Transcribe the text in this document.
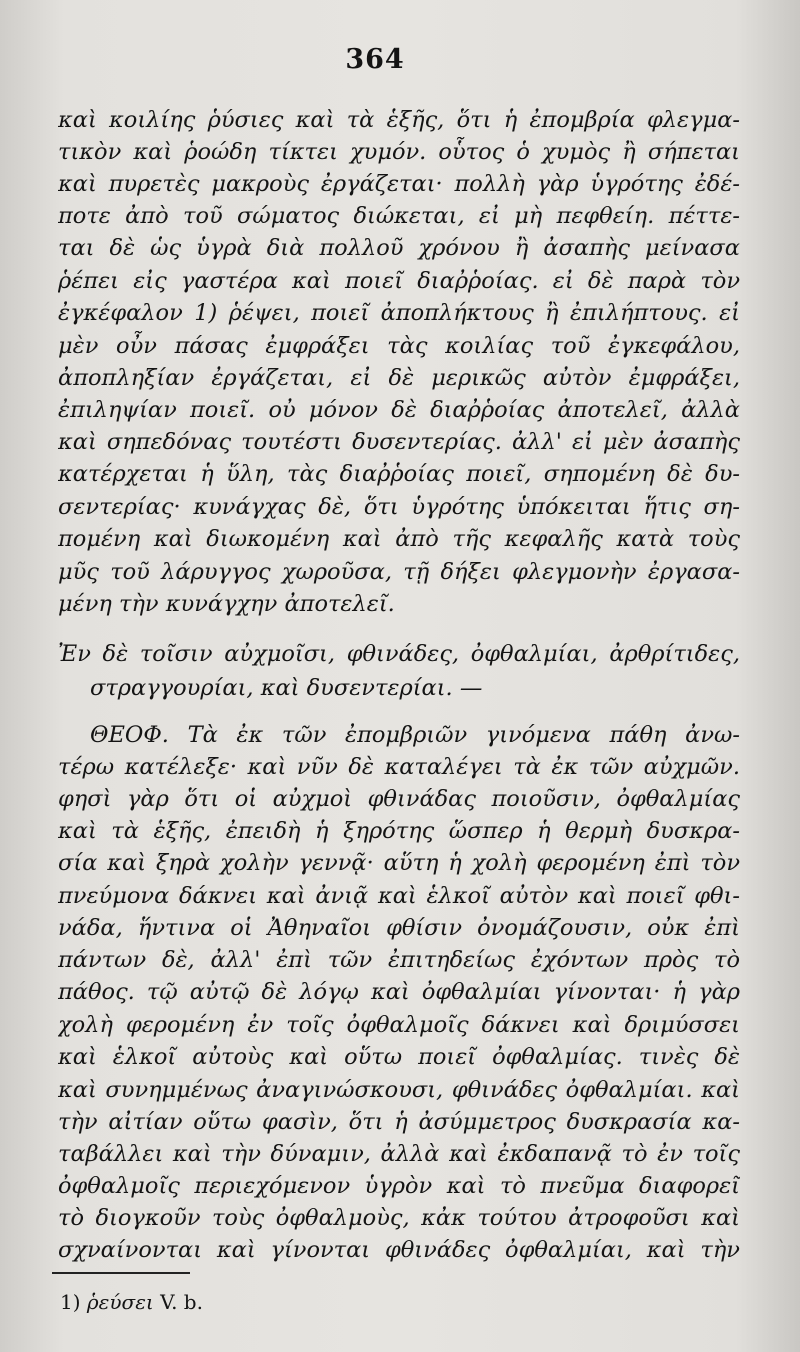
364
καὶ κοιλίης ῥύσιες καὶ τὰ ἑξῆς, ὅτι ἡ ἐπομβρία φλεγμα-
τικὸν καὶ ῥοώδη τίκτει χυμόν. οὗτος ὁ χυμὸς ἢ σήπεται
καὶ πυρετὲς μακροὺς ἐργάζεται· πολλὴ γὰρ ὑγρότης ἐδέ-
ποτε ἀπὸ τοῦ σώματος διώκεται, εἰ μὴ πεφθείη. πέττε-
ται δὲ ὡς ὑγρὰ διὰ πολλοῦ χρόνου ἢ ἀσαπὴς μείνασα
ῥέπει εἰς γαστέρα καὶ ποιεῖ διαῤῥοίας. εἰ δὲ παρὰ τὸν
ἐγκέφαλον 1) ῥέψει, ποιεῖ ἀποπλήκτους ἢ ἐπιλήπτους. εἰ
μὲν οὖν πάσας ἐμφράξει τὰς κοιλίας τοῦ ἐγκεφάλου,
ἀποπληξίαν ἐργάζεται, εἰ δὲ μερικῶς αὐτὸν ἐμφράξει,
ἐπιληψίαν ποιεῖ. οὐ μόνον δὲ διαῤῥοίας ἀποτελεῖ, ἀλλὰ
καὶ σηπεδόνας τουτέστι δυσεντερίας. ἀλλ' εἰ μὲν ἀσαπὴς
κατέρχεται ἡ ὕλη, τὰς διαῤῥοίας ποιεῖ, σηπομένη δὲ δυ-
σεντερίας· κυνάγχας δὲ, ὅτι ὑγρότης ὑπόκειται ἥτις ση-
πομένη καὶ διωκομένη καὶ ἀπὸ τῆς κεφαλῆς κατὰ τοὺς
μῦς τοῦ λάρυγγος χωροῦσα, τῇ δήξει φλεγμονὴν ἐργασα-
μένη τὴν κυνάγχην ἀποτελεῖ.
Ἐν δὲ τοῖσιν αὐχμοῖσι, φθινάδες, ὀφθαλμίαι, ἀρθρίτιδες,
στραγγουρίαι, καὶ δυσεντερίαι. —
ΘΕΟΦ. Τὰ ἐκ τῶν ἐπομβριῶν γινόμενα πάθη ἀνω-
τέρω κατέλεξε· καὶ νῦν δὲ καταλέγει τὰ ἐκ τῶν αὐχμῶν.
φησὶ γὰρ ὅτι οἱ αὐχμοὶ φθινάδας ποιοῦσιν, ὀφθαλμίας
καὶ τὰ ἑξῆς, ἐπειδὴ ἡ ξηρότης ὥσπερ ἡ θερμὴ δυσκρα-
σία καὶ ξηρὰ χολὴν γεννᾷ· αὕτη ἡ χολὴ φερομένη ἐπὶ τὸν
πνεύμονα δάκνει καὶ ἀνιᾷ καὶ ἑλκοῖ αὐτὸν καὶ ποιεῖ φθι-
νάδα, ἥντινα οἱ Ἀθηναῖοι φθίσιν ὀνομάζουσιν, οὐκ ἐπὶ
πάντων δὲ, ἀλλ' ἐπὶ τῶν ἐπιτηδείως ἐχόντων πρὸς τὸ
πάθος. τῷ αὐτῷ δὲ λόγῳ καὶ ὀφθαλμίαι γίνονται· ἡ γὰρ
χολὴ φερομένη ἐν τοῖς ὀφθαλμοῖς δάκνει καὶ δριμύσσει
καὶ ἑλκοῖ αὐτοὺς καὶ οὕτω ποιεῖ ὀφθαλμίας. τινὲς δὲ
καὶ συνημμένως ἀναγινώσκουσι, φθινάδες ὀφθαλμίαι. καὶ
τὴν αἰτίαν οὕτω φασὶν, ὅτι ἡ ἀσύμμετρος δυσκρασία κα-
ταβάλλει καὶ τὴν δύναμιν, ἀλλὰ καὶ ἐκδαπανᾷ τὸ ἐν τοῖς
ὀφθαλμοῖς περιεχόμενον ὑγρὸν καὶ τὸ πνεῦμα διαφορεῖ
τὸ διογκοῦν τοὺς ὀφθαλμοὺς, κἀκ τούτου ἀτροφοῦσι καὶ
σχναίνονται καὶ γίνονται φθινάδες ὀφθαλμίαι, καὶ τὴν
1) ῥεύσει V. b.
